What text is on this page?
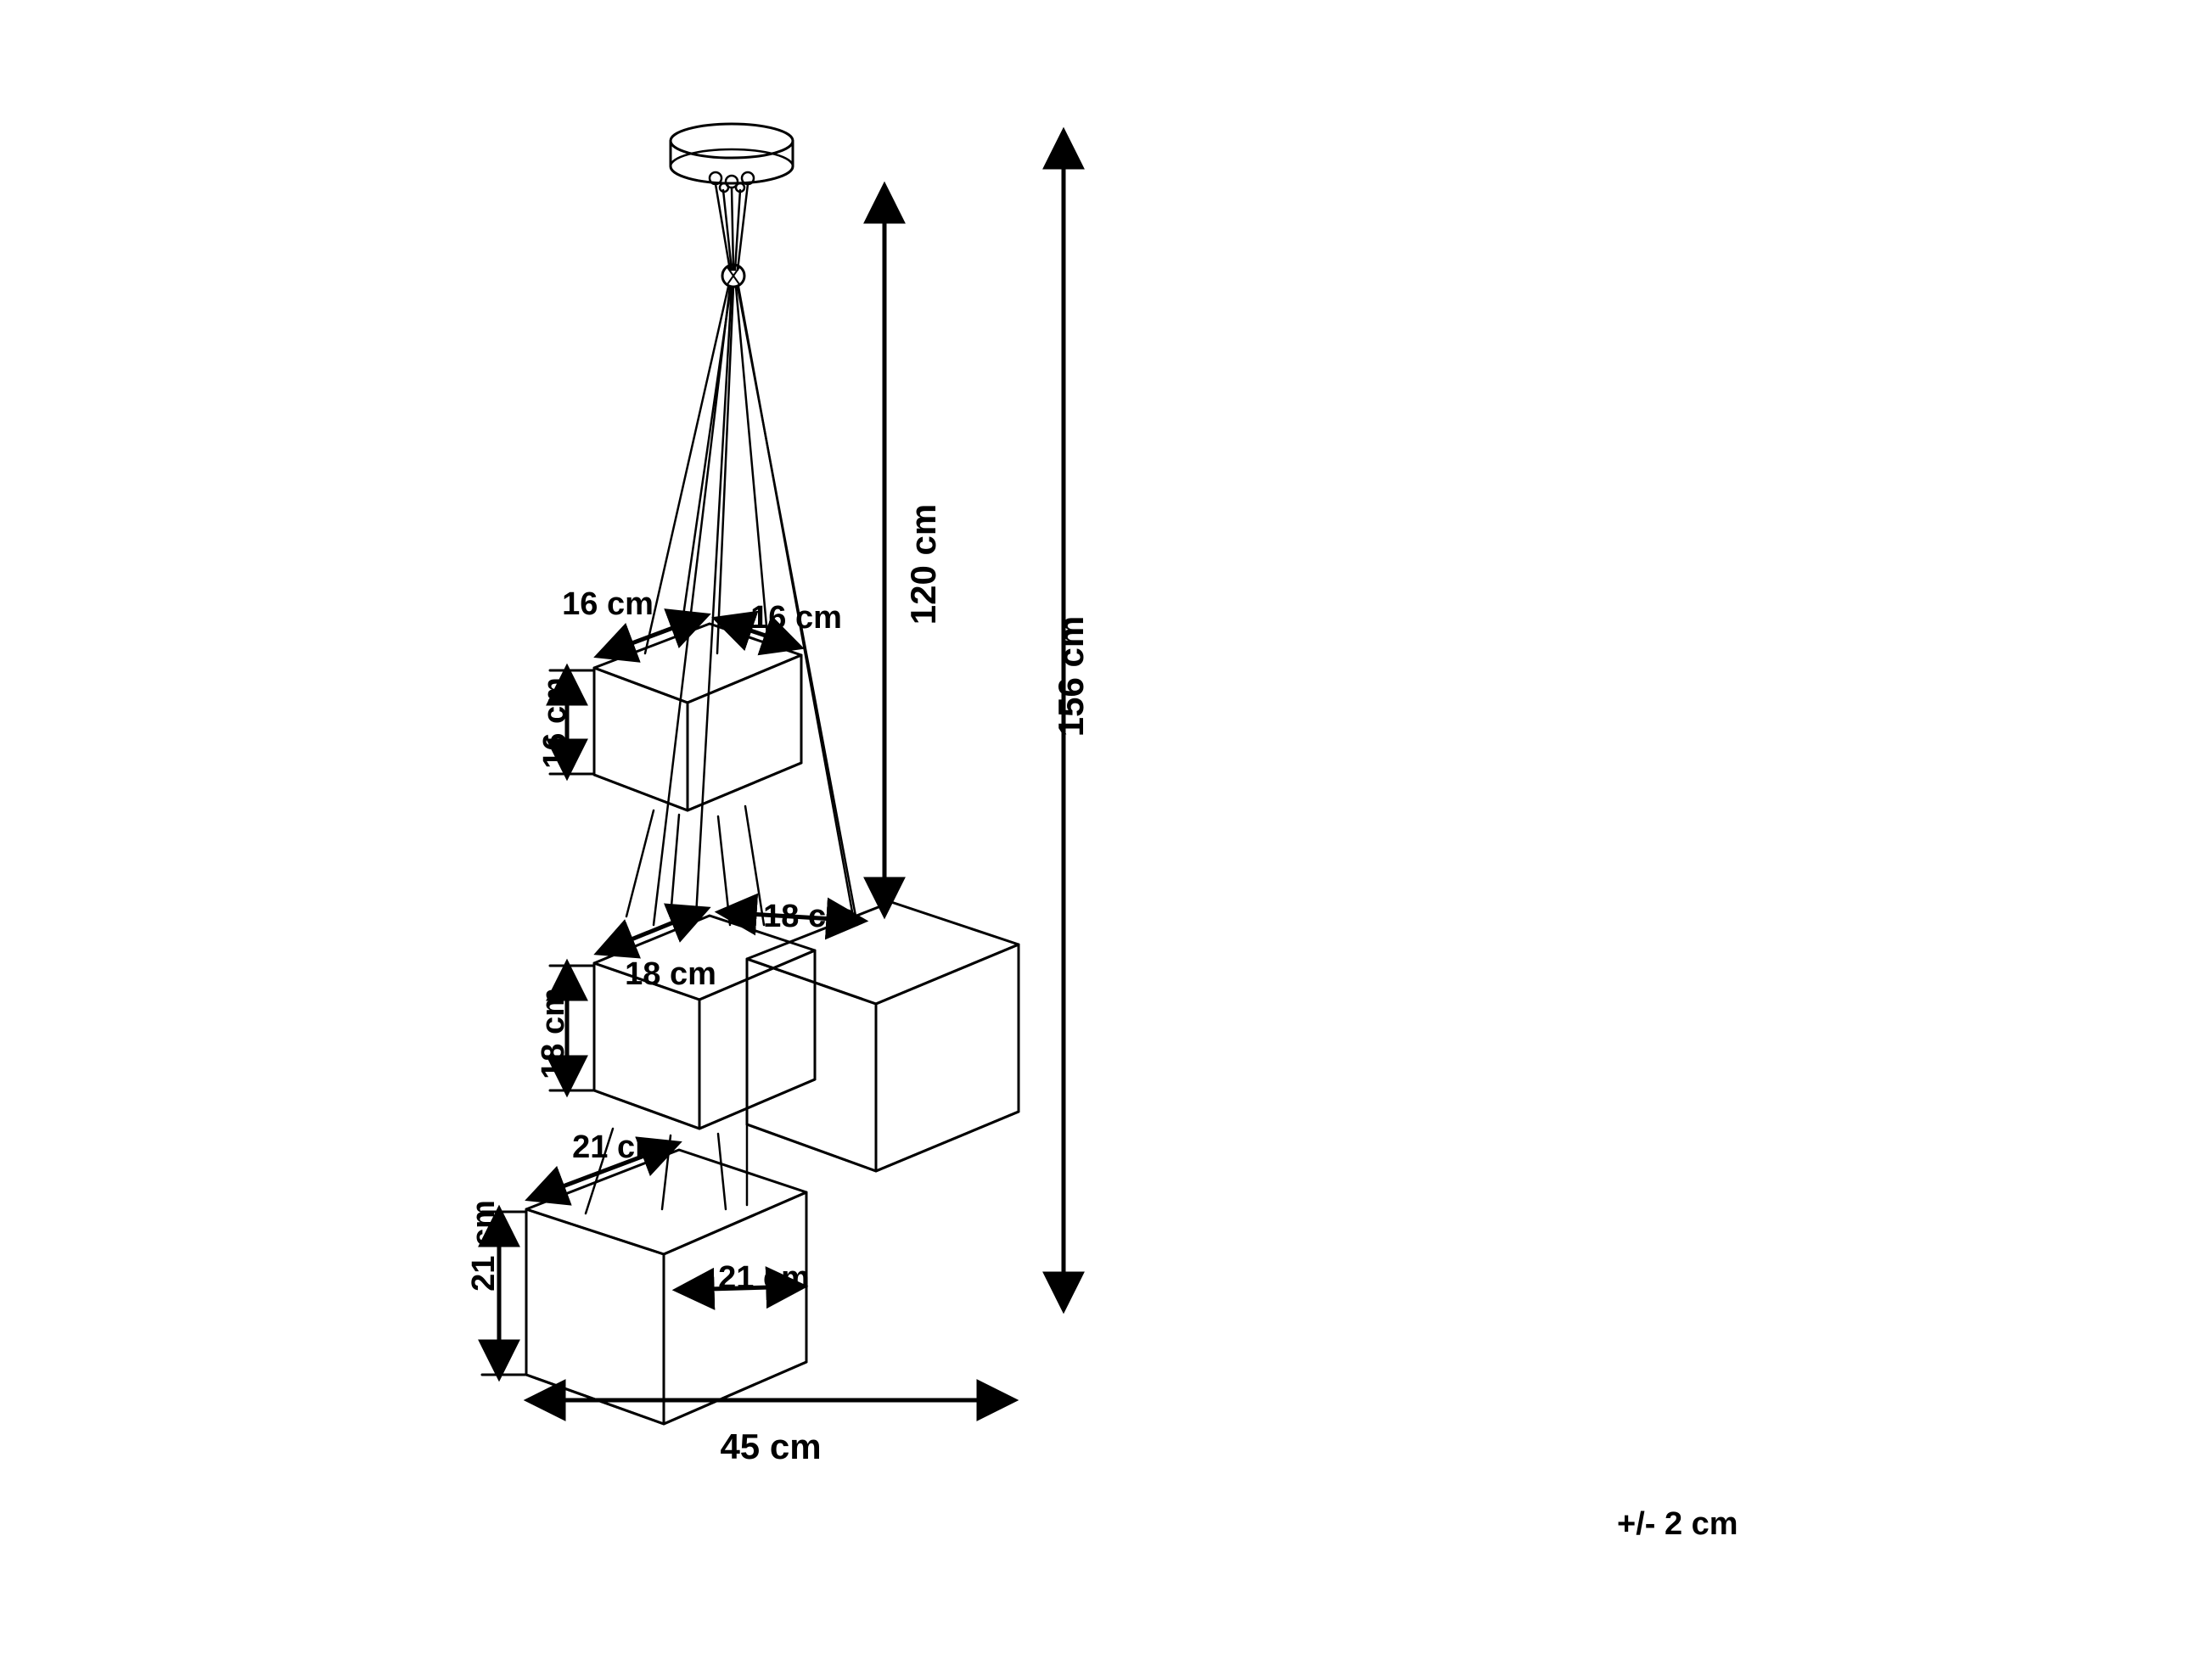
156 cm
120 cm
45 cm
16 cm	16 cm
16 cm
18 cm
18 cm
18 cm
21 cm
21 cm
21 cm
+/- 2 cm
